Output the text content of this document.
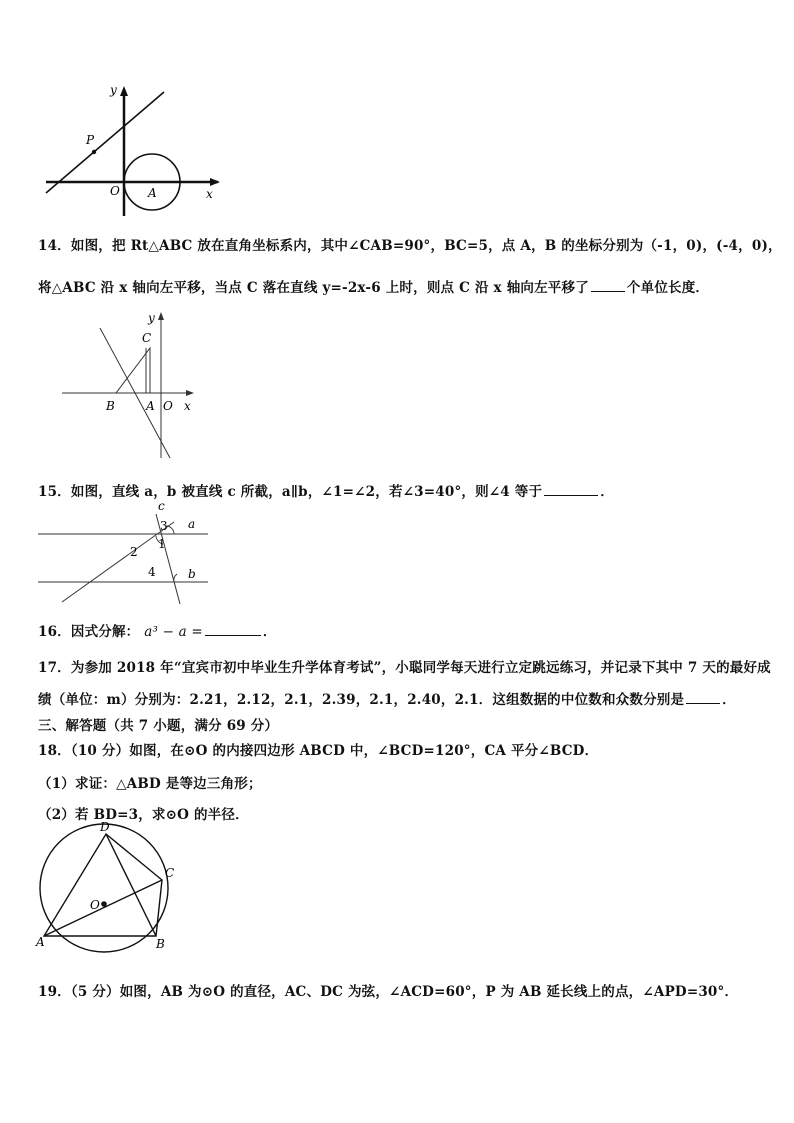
y
x
O A
P
14．如图，把 Rt△ABC 放在直角坐标系内，其中∠CAB=90°，BC=5，点 A，B 的坐标分别为（-1，0)，(-4，0)，
将△ABC 沿 x 轴向左平移，当点 C 落在直线 y=-2x-6 上时，则点 C 沿 x 轴向左平移了	个单位长度．
y
x
C
B	A O
15．如图，直线 a，b 被直线 c 所截，a∥b，∠1=∠2，若∠3=40°，则∠4 等于	．
c
a
b
3
1
2
4
16．因式分解： a³ − a =	．
17．为参加 2018 年“宜宾市初中毕业生升学体育考试”，小聪同学每天进行立定跳远练习，并记录下其中 7 天的最好成
绩（单位：m）分别为：2.21，2.12，2.1，2.39，2.1，2.40，2.1．这组数据的中位数和众数分别是	．
三、解答题（共 7 小题，满分 69 分）
18．（10 分）如图，在⊙O 的内接四边形 ABCD 中，∠BCD=120°，CA 平分∠BCD．
（1）求证：△ABD 是等边三角形；
（2）若 BD=3，求⊙O 的半径．
D
C
O
A	B
19．（5 分）如图，AB 为⊙O 的直径，AC、DC 为弦，∠ACD=60°，P 为 AB 延长线上的点，∠APD=30°．
